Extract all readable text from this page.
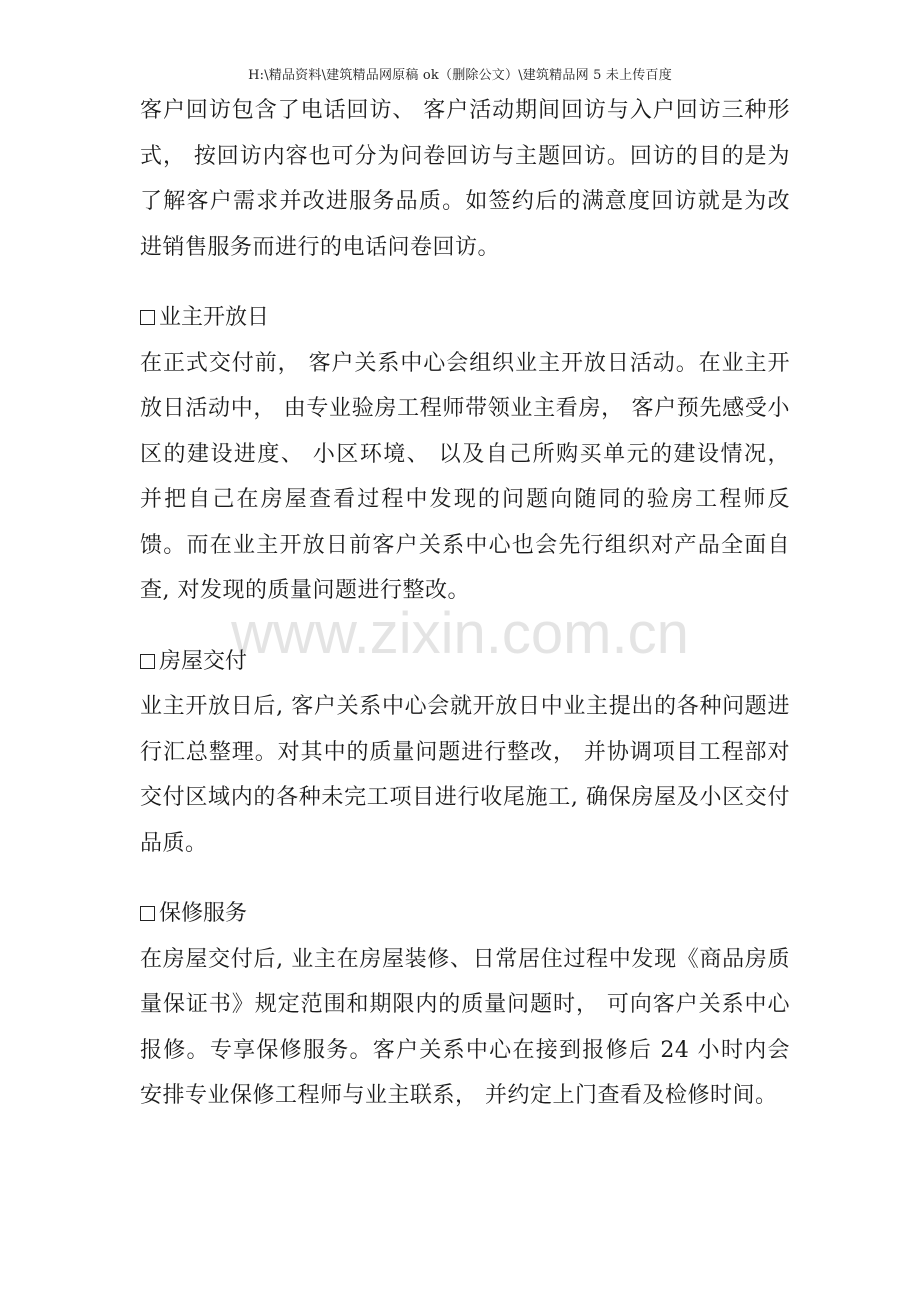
H:\精品资料\建筑精品网原稿 ok（删除公文）\建筑精品网 5 未上传百度
www.zixin.com.cn

客户回访包含了电话回访、 客户活动期间回访与入户回访三种形式， 按回访内容也可分为问卷回访与主题回访。回访的目的是为了解客户需求并改进服务品质。如签约后的满意度回访就是为改进销售服务而进行的电话问卷回访。

业主开放日

在正式交付前， 客户关系中心会组织业主开放日活动。在业主开放日活动中， 由专业验房工程师带领业主看房， 客户预先感受小区的建设进度、 小区环境、 以及自己所购买单元的建设情况， 并把自己在房屋查看过程中发现的问题向随同的验房工程师反馈。而在业主开放日前客户关系中心也会先行组织对产品全面自查, 对发现的质量问题进行整改。

房屋交付

业主开放日后, 客户关系中心会就开放日中业主提出的各种问题进行汇总整理。对其中的质量问题进行整改， 并协调项目工程部对交付区域内的各种未完工项目进行收尾施工, 确保房屋及小区交付品质。

保修服务

在房屋交付后, 业主在房屋装修、日常居住过程中发现《商品房质量保证书》规定范围和期限内的质量问题时， 可向客户关系中心报修。专享保修服务。客户关系中心在接到报修后 24 小时内会安排专业保修工程师与业主联系， 并约定上门查看及检修时间。
